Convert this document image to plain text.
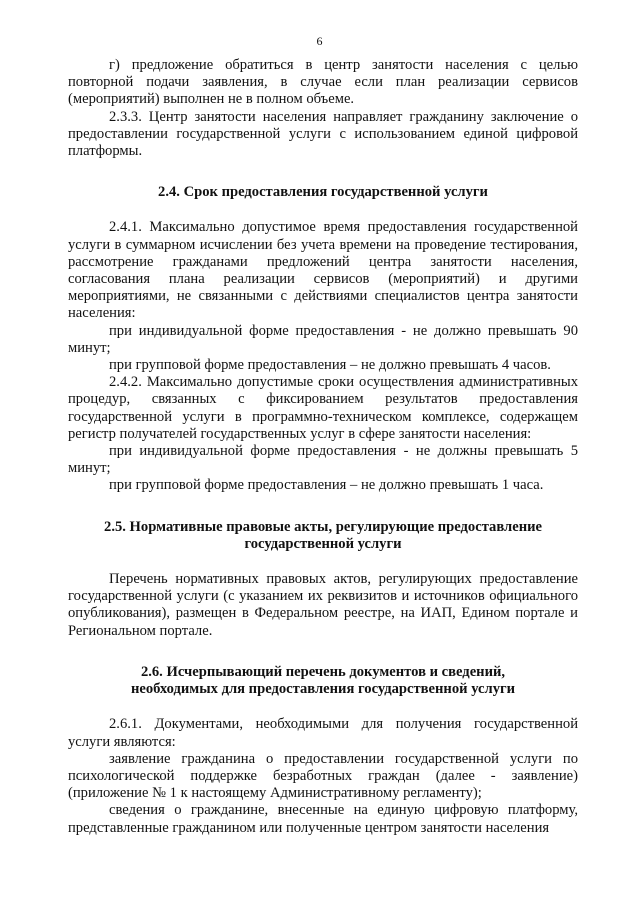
6

г) предложение обратиться в центр занятости населения с целью повторной подачи заявления, в случае если план реализации сервисов (мероприятий) выполнен не в полном объеме.

2.3.3. Центр занятости населения направляет гражданину заключение о предоставлении государственной услуги с использованием единой цифровой платформы.

2.4. Срок предоставления государственной услуги

2.4.1. Максимально допустимое время предоставления государственной услуги в суммарном исчислении без учета времени на проведение тестирования, рассмотрение гражданами предложений центра занятости населения, согласования плана реализации сервисов (мероприятий) и другими мероприятиями, не связанными с действиями специалистов центра занятости населения:

при индивидуальной форме предоставления - не должно превышать 90 минут;

при групповой форме предоставления – не должно превышать 4 часов.

2.4.2. Максимально допустимые сроки осуществления административных процедур, связанных с фиксированием результатов предоставления государственной услуги в программно-техническом комплексе, содержащем регистр получателей государственных услуг в сфере занятости населения:

при индивидуальной форме предоставления - не должны превышать 5 минут;

при групповой форме предоставления – не должно превышать 1 часа.

2.5. Нормативные правовые акты, регулирующие предоставление
государственной услуги

Перечень нормативных правовых актов, регулирующих предоставление государственной услуги (с указанием их реквизитов и источников официального опубликования), размещен в Федеральном реестре, на ИАП, Едином портале и Региональном портале.

2.6. Исчерпывающий перечень документов и сведений,
необходимых для предоставления государственной услуги

2.6.1. Документами, необходимыми для получения государственной услуги являются:

заявление гражданина о предоставлении государственной услуги по психологической поддержке безработных граждан (далее - заявление) (приложение № 1 к настоящему Административному регламенту);

сведения о гражданине, внесенные на единую цифровую платформу, представленные гражданином или полученные центром занятости населения
